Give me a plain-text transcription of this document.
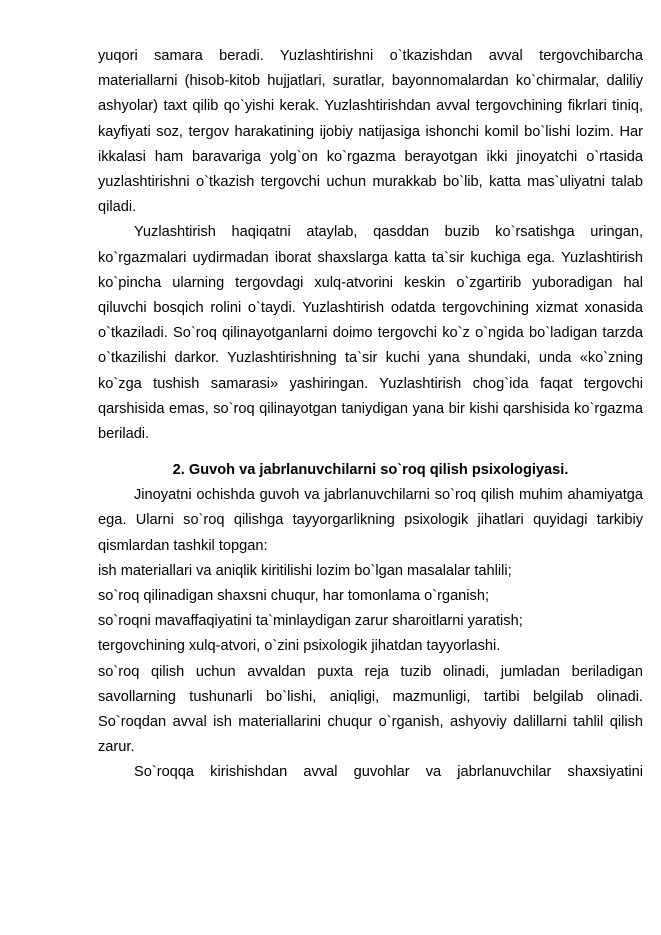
yuqori samara beradi. Yuzlashtirishni o`tkazishdan avval tergovchibarcha materiallarni (hisob-kitob hujjatlari, suratlar, bayonnomalardan ko`chirmalar, daliliy ashyolar) taxt qilib qo`yishi kerak. Yuzlashtirishdan avval tergovchining fikrlari tiniq, kayfiyati soz, tergov harakatining ijobiy natijasiga ishonchi komil bo`lishi lozim. Har ikkalasi ham baravariga yolg`on ko`rgazma berayotgan ikki jinoyatchi o`rtasida yuzlashtirishni o`tkazish tergovchi uchun murakkab bo`lib, katta mas`uliyatni talab qiladi.

Yuzlashtirish haqiqatni ataylab, qasddan buzib ko`rsatishga uringan, ko`rgazmalari uydirmadan iborat shaxslarga katta ta`sir kuchiga ega. Yuzlashtirish ko`pincha ularning tergovdagi xulq-atvorini keskin o`zgartirib yuboradigan hal qiluvchi bosqich rolini o`taydi. Yuzlashtirish odatda tergovchining xizmat xonasida o`tkaziladi. So`roq qilinayotganlarni doimo tergovchi ko`z o`ngida bo`ladigan tarzda o`tkazilishi darkor. Yuzlashtirishning ta`sir kuchi yana shundaki, unda «ko`zning ko`zga tushish samarasi» yashiringan. Yuzlashtirish chog`ida faqat tergovchi qarshisida emas, so`roq qilinayotgan taniydigan yana bir kishi qarshisida ko`rgazma beriladi.

2. Guvoh va jabrlanuvchilarni so`roq qilish psixologiyasi.

Jinoyatni ochishda guvoh va jabrlanuvchilarni so`roq qilish muhim ahamiyatga ega. Ularni so`roq qilishga tayyorgarlikning psixologik jihatlari quyidagi tarkibiy qismlardan tashkil topgan:

ish materiallari va aniqlik kiritilishi lozim bo`lgan masalalar tahlili;
so`roq qilinadigan shaxsni chuqur, har tomonlama o`rganish;
so`roqni mavaffaqiyatini ta`minlaydigan zarur sharoitlarni yaratish;
tergovchining xulq-atvori, o`zini psixologik jihatdan tayyorlashi.

so`roq qilish uchun avvaldan puxta reja tuzib olinadi, jumladan beriladigan savollarning tushunarli bo`lishi, aniqligi, mazmunligi, tartibi belgilab olinadi. So`roqdan avval ish materiallarini chuqur o`rganish, ashyoviy dalillarni tahlil qilish zarur.

So`roqqa kirishishdan avval guvohlar va jabrlanuvchilar shaxsiyatini
